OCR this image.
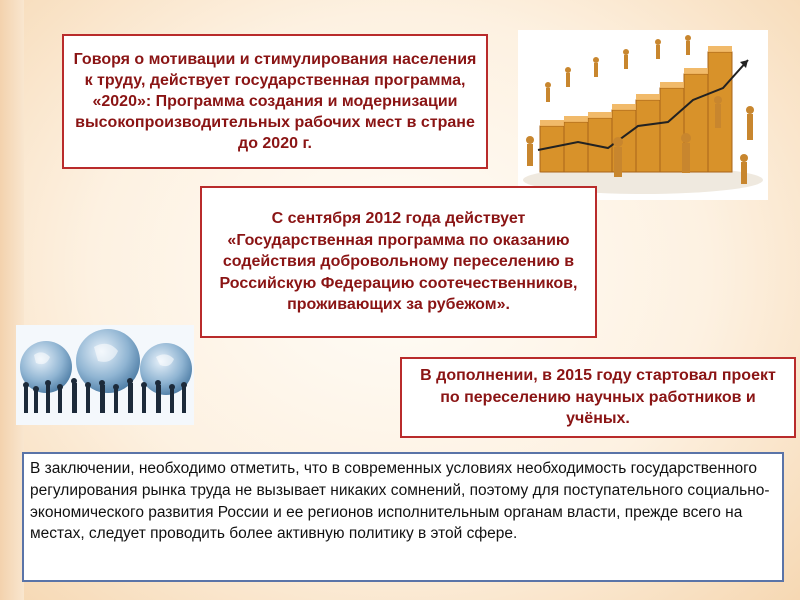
Говоря о мотивации и стимулирования населения к труду, действует государственная программа, «2020»: Программа создания и модернизации высокопроизводительных рабочих мест в стране до 2020 г.
С сентября 2012 года действует «Государственная программа по оказанию содействия добровольному переселению в Российскую Федерацию соотечественников, проживающих за рубежом».
В дополнении, в 2015 году стартовал проект по переселению научных работников и учёных.
В заключении, необходимо отметить, что в современных условиях необходимость государственного регулирования рынка труда не вызывает никаких сомнений, поэтому для поступательного социально-экономического развития России и ее регионов исполнительным органам власти, прежде всего на местах, следует проводить более активную политику в этой сфере.
